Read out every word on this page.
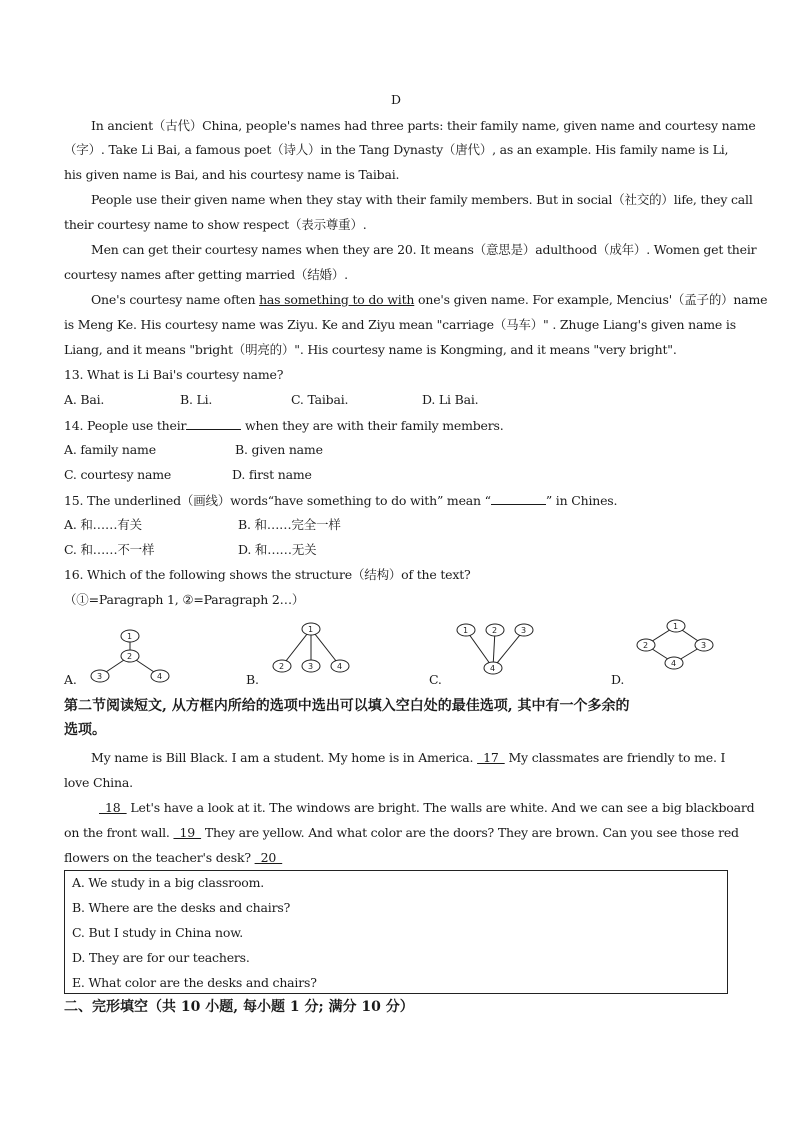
D
In ancient（古代）China, people's names had three parts: their family name, given name and courtesy name
（字）. Take Li Bai, a famous poet（诗人）in the Tang Dynasty（唐代）, as an example. His family name is Li,
his given name is Bai, and his courtesy name is Taibai.
People use their given name when they stay with their family members. But in social（社交的）life, they call
their courtesy name to show respect（表示尊重）.
Men can get their courtesy names when they are 20. It means（意思是）adulthood（成年）. Women get their
courtesy names after getting married（结婚）.
One's courtesy name often has something to do with one's given name. For example, Mencius'（孟子的）name
is Meng Ke. His courtesy name was Ziyu. Ke and Ziyu mean "carriage（马车）" . Zhuge Liang's given name is
Liang, and it means "bright（明亮的）". His courtesy name is Kongming, and it means "very bright".
13. What is Li Bai's courtesy name?
A. Bai.	B. Li.	C. Taibai.	D. Li Bai.
14. People use their	when they are with their family members.
A. family name	B. given name
C. courtesy name	D. first name
15. The underlined（画线）words“have something to do with” mean “	” in Chines.
A. 和……有关	B. 和……完全一样
C. 和……不一样	D. 和……无关
16. Which of the following shows the structure（结构）of the text?
（①=Paragraph 1, ②=Paragraph 2…）
1
2
3	4
A.
1
2	3	4
B.
1	2	3
4
C.
1
2	3
4
D.
第二节阅读短文, 从方框内所给的选项中选出可以填入空白处的最佳选项, 其中有一个多余的
选项。
My name is Bill Black. I am a student. My home is in America.  17  My classmates are friendly to me. I
love China.
 18  Let's have a look at it. The windows are bright. The walls are white. And we can see a big blackboard
on the front wall.  19  They are yellow. And what color are the doors? They are brown. Can you see those red
flowers on the teacher's desk?  20 
A. We study in a big classroom.
B. Where are the desks and chairs?
C. But I study in China now.
D. They are for our teachers.
E. What color are the desks and chairs?
二、完形填空（共 10 小题, 每小题 1 分; 满分 10 分）
